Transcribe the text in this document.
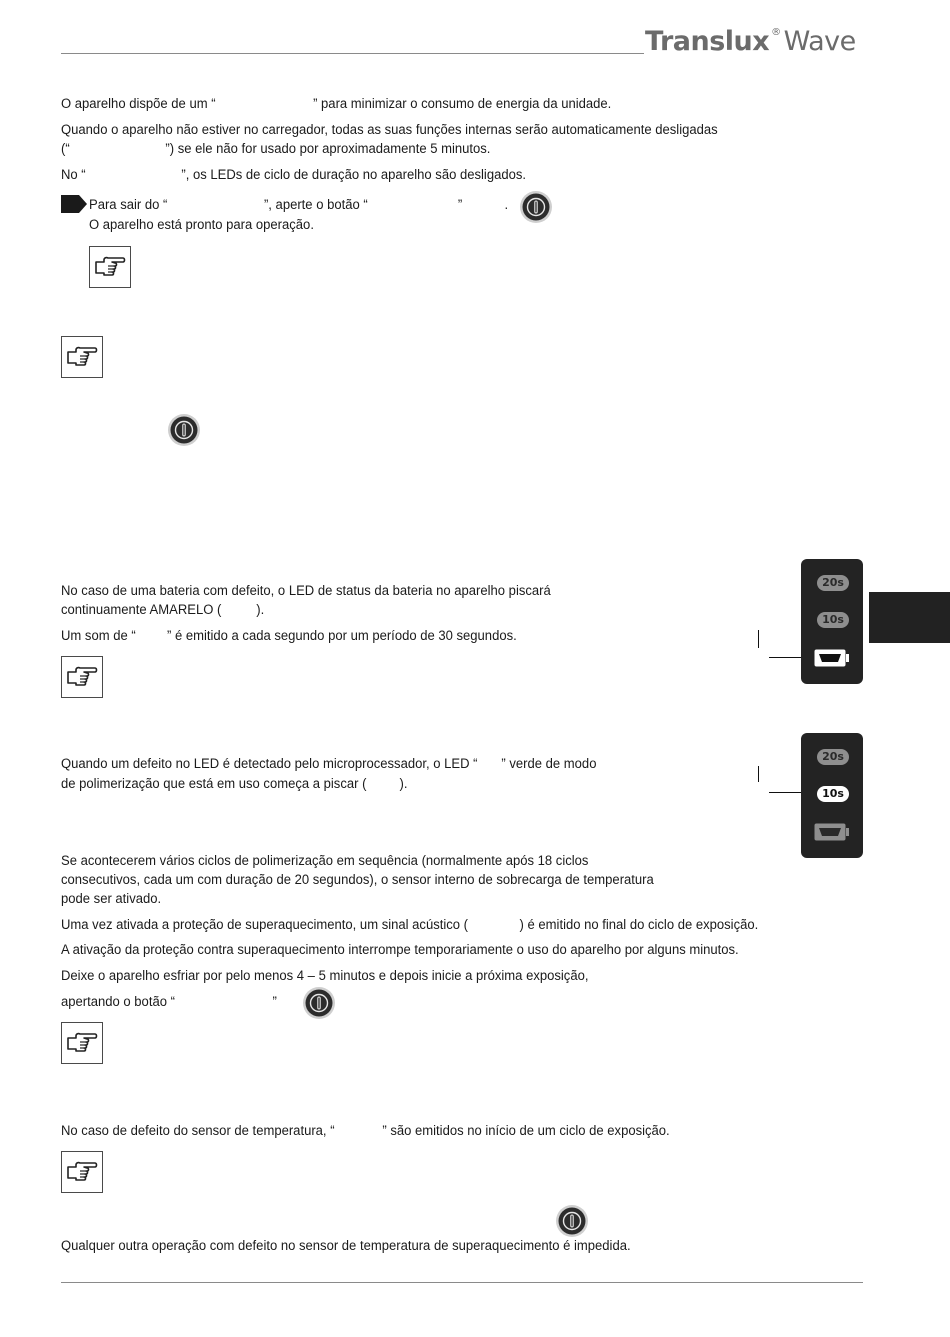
Translux ® Wave
O aparelho dispõe de um “	” para minimizar o consumo de energia da unidade.
Quando o aparelho não estiver no carregador, todas as suas funções internas serão automaticamente desligadas
(“	”) se ele não for usado por aproximadamente 5 minutos.
No “	”, os LEDs de ciclo de duração no aparelho são desligados.
Para sair do “	”, aperte o botão “	”	.
O aparelho está pronto para operação.
No caso de uma bateria com defeito, o LED de status da bateria no aparelho piscará
continuamente AMARELO ( ).
Um som de “ ” é emitido a cada segundo por um período de 30 segundos.
20s
10s
Quando um defeito no LED é detectado pelo microprocessador, o LED “ ” verde de modo
de polimerização que está em uso começa a piscar ( ).
20s
10s
Se acontecerem vários ciclos de polimerização em sequência (normalmente após 18 ciclos
consecutivos, cada um com duração de 20 segundos), o sensor interno de sobrecarga de temperatura
pode ser ativado.
Uma vez ativada a proteção de superaquecimento, um sinal acústico (	) é emitido no final do ciclo de exposição.
A ativação da proteção contra superaquecimento interrompe temporariamente o uso do aparelho por alguns minutos.
Deixe o aparelho esfriar por pelo menos 4 – 5 minutos e depois inicie a próxima exposição,
apertando o botão “	”
No caso de defeito do sensor de temperatura, “	” são emitidos no início de um ciclo de exposição.
Qualquer outra operação com defeito no sensor de temperatura de superaquecimento é impedida.
